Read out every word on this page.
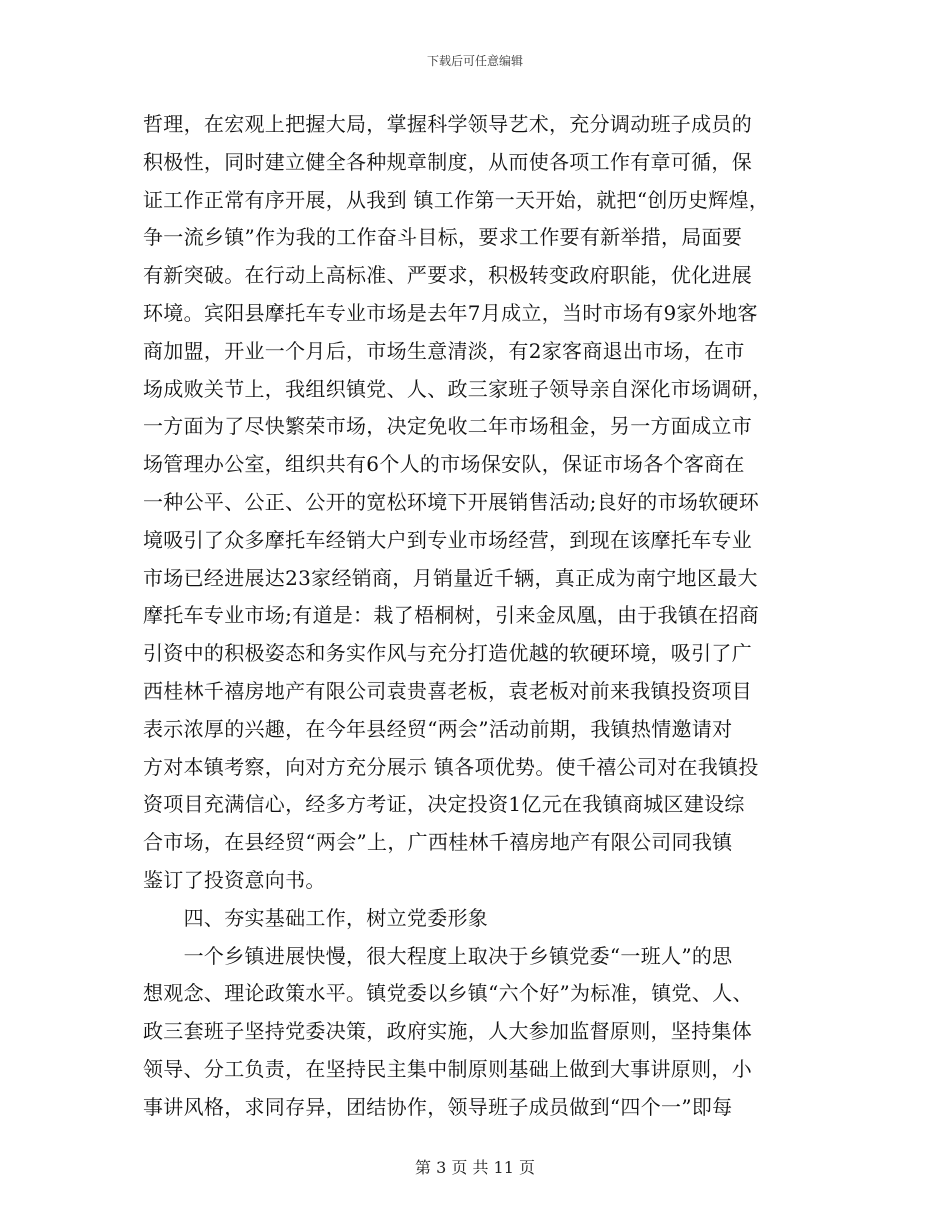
下载后可任意编辑
哲理，在宏观上把握大局，掌握科学领导艺术，充分调动班子成员的
积极性，同时建立健全各种规章制度，从而使各项工作有章可循，保
证工作正常有序开展，从我到 镇工作第一天开始，就把“创历史辉煌，
争一流乡镇”作为我的工作奋斗目标，要求工作要有新举措，局面要
有新突破。在行动上高标准、严要求，积极转变政府职能，优化进展
环境。宾阳县摩托车专业市场是去年7月成立，当时市场有9家外地客
商加盟，开业一个月后，市场生意清淡，有2家客商退出市场，在市
场成败关节上，我组织镇党、人、政三家班子领导亲自深化市场调研，
一方面为了尽快繁荣市场，决定免收二年市场租金，另一方面成立市
场管理办公室，组织共有6个人的市场保安队，保证市场各个客商在
一种公平、公正、公开的宽松环境下开展销售活动;良好的市场软硬环
境吸引了众多摩托车经销大户到专业市场经营，到现在该摩托车专业
市场已经进展达23家经销商，月销量近千辆，真正成为南宁地区最大
摩托车专业市场;有道是：栽了梧桐树，引来金凤凰，由于我镇在招商
引资中的积极姿态和务实作风与充分打造优越的软硬环境，吸引了广
西桂林千禧房地产有限公司袁贵喜老板，袁老板对前来我镇投资项目
表示浓厚的兴趣，在今年县经贸“两会”活动前期，我镇热情邀请对
方对本镇考察，向对方充分展示 镇各项优势。使千禧公司对在我镇投
资项目充满信心，经多方考证，决定投资1亿元在我镇商城区建设综
合市场，在县经贸“两会”上，广西桂林千禧房地产有限公司同我镇
鉴订了投资意向书。
　　四、夯实基础工作，树立党委形象
　　一个乡镇进展快慢，很大程度上取决于乡镇党委“一班人”的思
想观念、理论政策水平。镇党委以乡镇“六个好”为标准，镇党、人、
政三套班子坚持党委决策，政府实施，人大参加监督原则，坚持集体
领导、分工负责，在坚持民主集中制原则基础上做到大事讲原则，小
事讲风格，求同存异，团结协作，领导班子成员做到“四个一”即每
第 3 页 共 11 页
